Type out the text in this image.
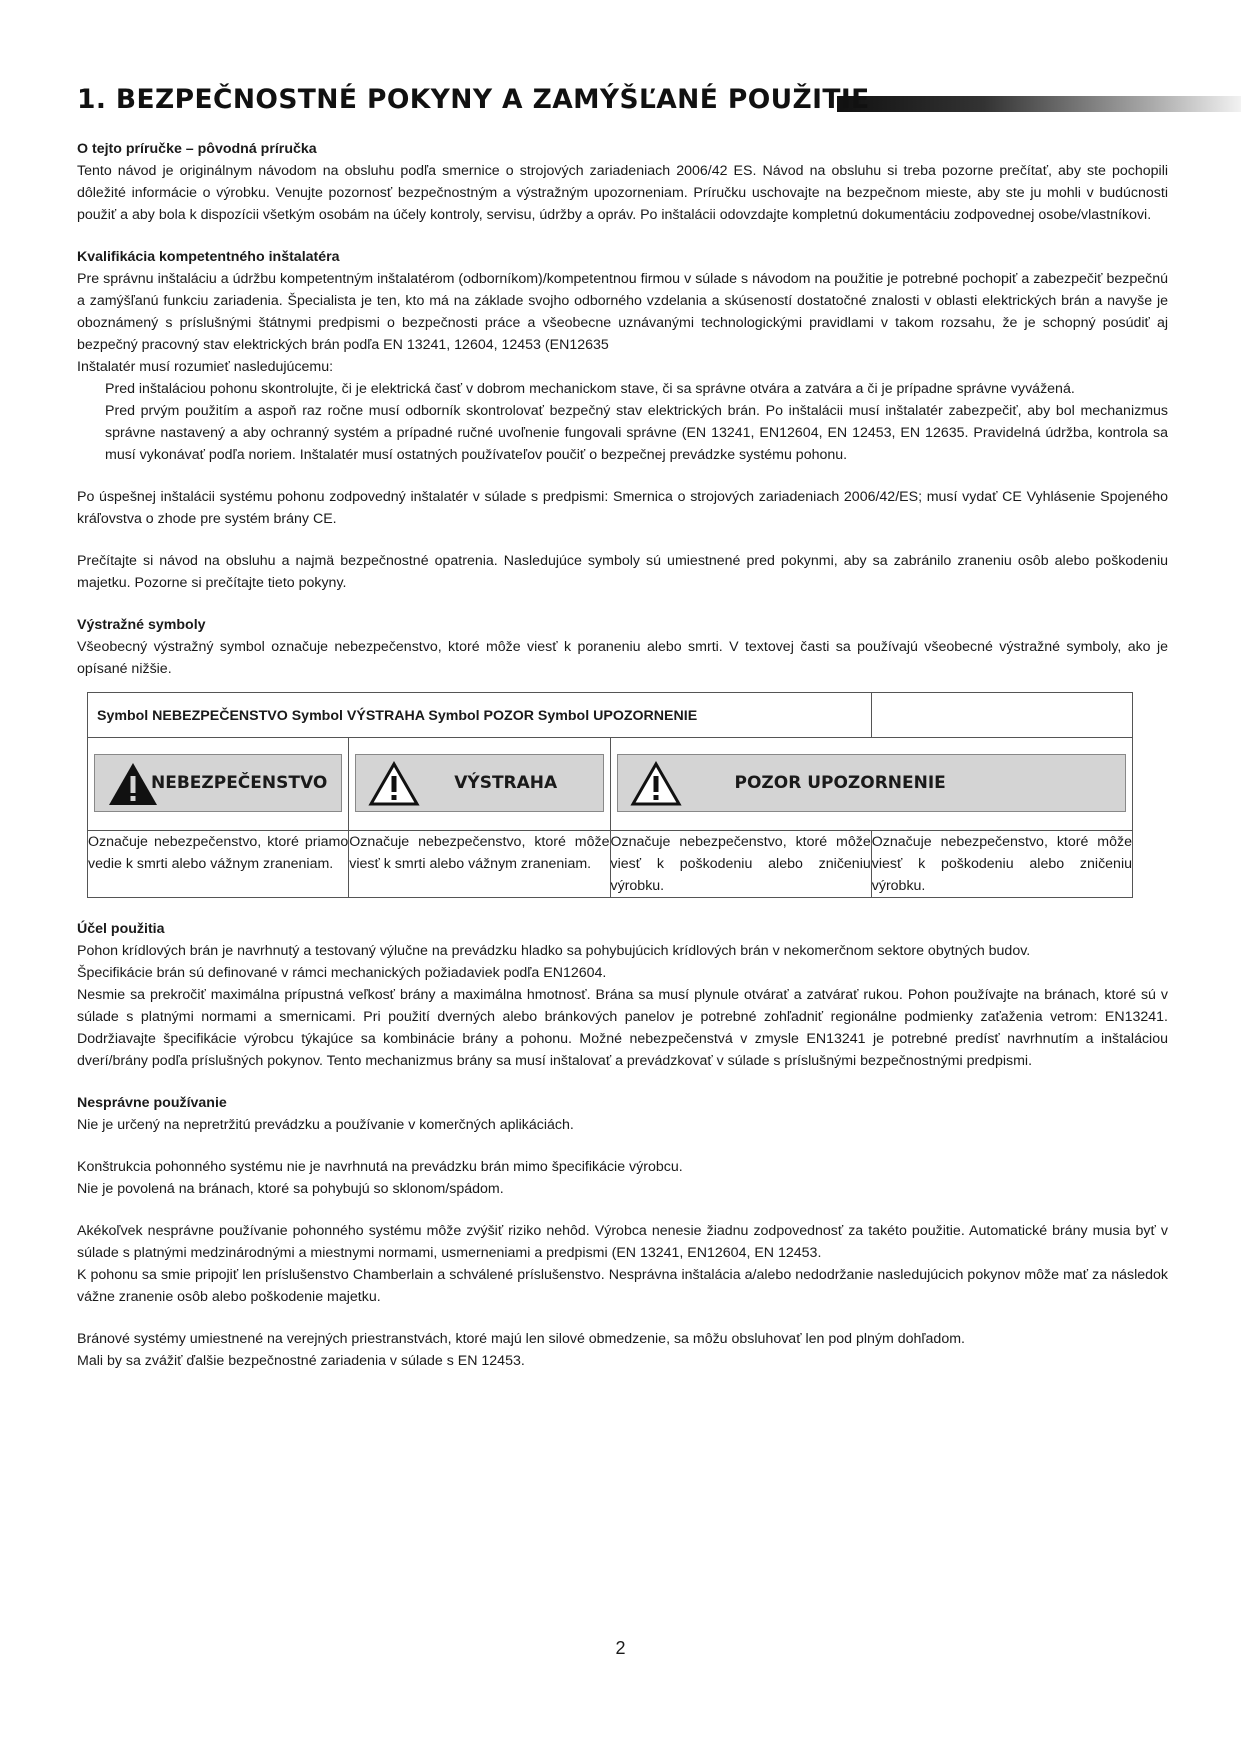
1. BEZPEČNOSTNÉ POKYNY A ZAMÝŠĽANÉ POUŽITIE

O tejto príručke – pôvodná príručka

Tento návod je originálnym návodom na obsluhu podľa smernice o strojových zariadeniach 2006/42 ES. Návod na obsluhu si treba pozorne prečítať, aby ste pochopili dôležité informácie o výrobku. Venujte pozornosť bezpečnostným a výstražným upozorneniam. Príručku uschovajte na bezpečnom mieste, aby ste ju mohli v budúcnosti použiť a aby bola k dispozícii všetkým osobám na účely kontroly, servisu, údržby a opráv. Po inštalácii odovzdajte kompletnú dokumentáciu zodpovednej osobe/vlastníkovi.

Kvalifikácia kompetentného inštalatéra

Pre správnu inštaláciu a údržbu kompetentným inštalatérom (odborníkom)/kompetentnou firmou v súlade s návodom na použitie je potrebné pochopiť a zabezpečiť bezpečnú a zamýšľanú funkciu zariadenia. Špecialista je ten, kto má na základe svojho odborného vzdelania a skúseností dostatočné znalosti v oblasti elektrických brán a navyše je oboznámený s príslušnými štátnymi predpismi o bezpečnosti práce a všeobecne uznávanými technologickými pravidlami v takom rozsahu, že je schopný posúdiť aj bezpečný pracovný stav elektrických brán podľa EN 13241, 12604, 12453 (EN12635

Inštalatér musí rozumieť nasledujúcemu:

Pred inštaláciou pohonu skontrolujte, či je elektrická časť v dobrom mechanickom stave, či sa správne otvára a zatvára a či je prípadne správne vyvážená.

Pred prvým použitím a aspoň raz ročne musí odborník skontrolovať bezpečný stav elektrických brán. Po inštalácii musí inštalatér zabezpečiť, aby bol mechanizmus správne nastavený a aby ochranný systém a prípadné ručné uvoľnenie fungovali správne (EN 13241, EN12604, EN 12453, EN 12635. Pravidelná údržba, kontrola sa musí vykonávať podľa noriem. Inštalatér musí ostatných používateľov poučiť o bezpečnej prevádzke systému pohonu.

Po úspešnej inštalácii systému pohonu zodpovedný inštalatér v súlade s predpismi: Smernica o strojových zariadeniach 2006/42/ES; musí vydať CE Vyhlásenie Spojeného kráľovstva o zhode pre systém brány CE.

Prečítajte si návod na obsluhu a najmä bezpečnostné opatrenia. Nasledujúce symboly sú umiestnené pred pokynmi, aby sa zabránilo zraneniu osôb alebo poškodeniu majetku. Pozorne si prečítajte tieto pokyny.

Výstražné symboly

Všeobecný výstražný symbol označuje nebezpečenstvo, ktoré môže viesť k poraneniu alebo smrti. V textovej časti sa používajú všeobecné výstražné symboly, ako je opísané nižšie.

Symbol NEBEZPEČENSTVO Symbol VÝSTRAHA Symbol POZOR Symbol UPOZORNENIE			

NEBEZPEČENSTVO	VÝSTRAHA	POZOR UPOZORNENIE	

Označuje nebezpečenstvo, ktoré priamo vedie k smrti alebo vážnym zraneniam.	Označuje nebezpečenstvo, ktoré môže viesť k smrti alebo vážnym zraneniam.	Označuje nebezpečenstvo, ktoré môže viesť k poškodeniu alebo zničeniu výrobku.	Označuje nebezpečenstvo, ktoré môže viesť k poškodeniu alebo zničeniu výrobku.

Účel použitia

Pohon krídlových brán je navrhnutý a testovaný výlučne na prevádzku hladko sa pohybujúcich krídlových brán v nekomerčnom sektore obytných budov.

Špecifikácie brán sú definované v rámci mechanických požiadaviek podľa EN12604.

Nesmie sa prekročiť maximálna prípustná veľkosť brány a maximálna hmotnosť. Brána sa musí plynule otvárať a zatvárať rukou. Pohon používajte na bránach, ktoré sú v súlade s platnými normami a smernicami. Pri použití dverných alebo bránkových panelov je potrebné zohľadniť regionálne podmienky zaťaženia vetrom: EN13241. Dodržiavajte špecifikácie výrobcu týkajúce sa kombinácie brány a pohonu. Možné nebezpečenstvá v zmysle EN13241 je potrebné predísť navrhnutím a inštaláciou dverí/brány podľa príslušných pokynov. Tento mechanizmus brány sa musí inštalovať a prevádzkovať v súlade s príslušnými bezpečnostnými predpismi.

Nesprávne používanie

Nie je určený na nepretržitú prevádzku a používanie v komerčných aplikáciách.

Konštrukcia pohonného systému nie je navrhnutá na prevádzku brán mimo špecifikácie výrobcu.

Nie je povolená na bránach, ktoré sa pohybujú so sklonom/spádom.

Akékoľvek nesprávne používanie pohonného systému môže zvýšiť riziko nehôd. Výrobca nenesie žiadnu zodpovednosť za takéto použitie. Automatické brány musia byť v súlade s platnými medzinárodnými a miestnymi normami, usmerneniami a predpismi (EN 13241, EN12604, EN 12453.

K pohonu sa smie pripojiť len príslušenstvo Chamberlain a schválené príslušenstvo. Nesprávna inštalácia a/alebo nedodržanie nasledujúcich pokynov môže mať za následok vážne zranenie osôb alebo poškodenie majetku.

Bránové systémy umiestnené na verejných priestranstvách, ktoré majú len silové obmedzenie, sa môžu obsluhovať len pod plným dohľadom.

Mali by sa zvážiť ďalšie bezpečnostné zariadenia v súlade s EN 12453.

2
